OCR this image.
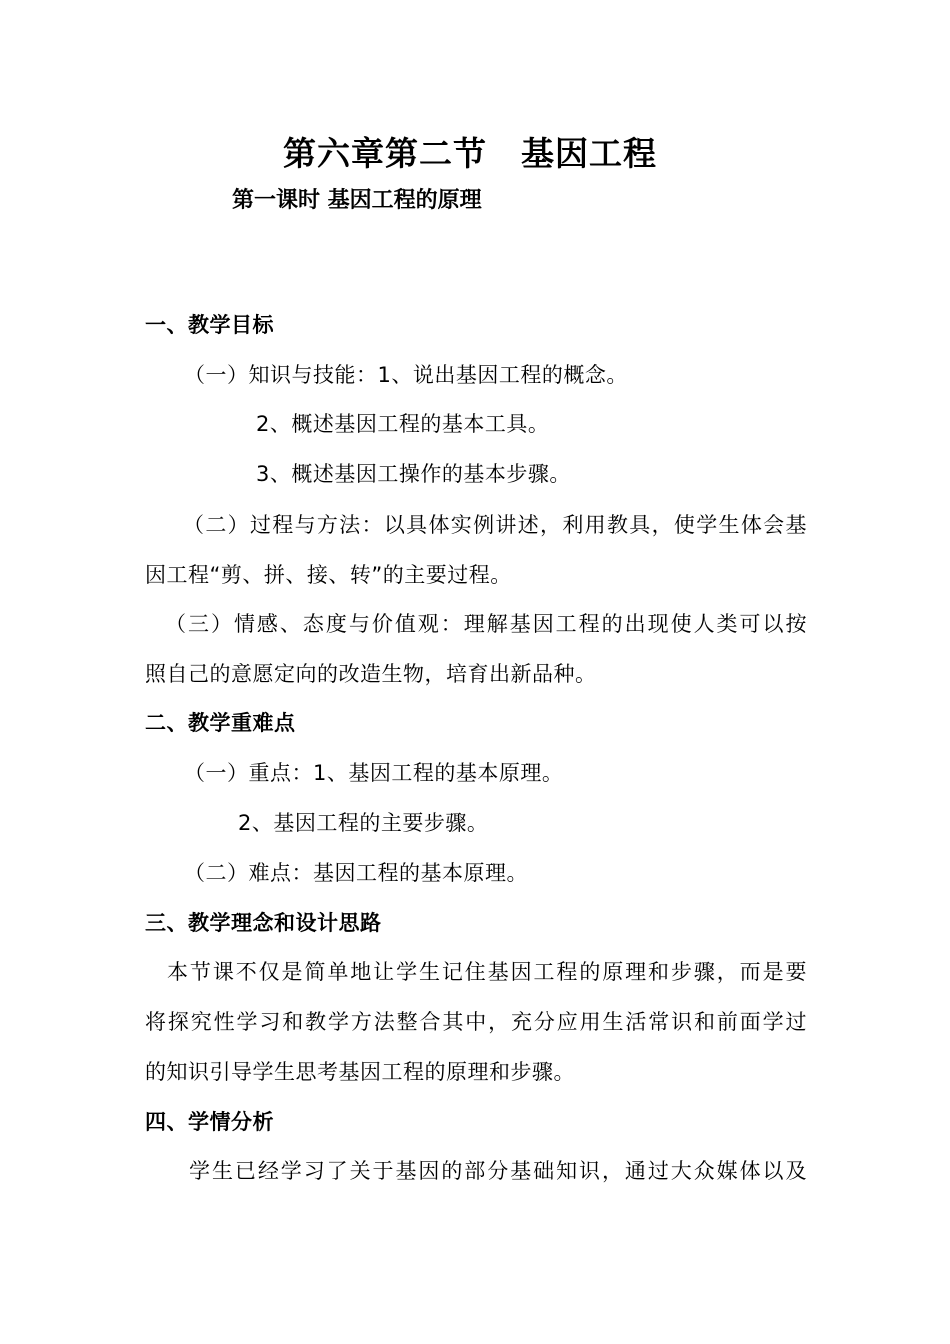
第六章第二节　基因工程
第一课时 基因工程的原理
一、教学目标
（一）知识与技能：1、说出基因工程的概念。
2、概述基因工程的基本工具。
3、概述基因工操作的基本步骤。
（二）过程与方法：以具体实例讲述，利用教具，使学生体会基
因工程“剪、拼、接、转”的主要过程。
（三）情感、态度与价值观：理解基因工程的出现使人类可以按
照自己的意愿定向的改造生物，培育出新品种。
二、教学重难点
（一）重点：1、基因工程的基本原理。
2、基因工程的主要步骤。
（二）难点：基因工程的基本原理。
三、教学理念和设计思路
本节课不仅是简单地让学生记住基因工程的原理和步骤，而是要
将探究性学习和教学方法整合其中，充分应用生活常识和前面学过
的知识引导学生思考基因工程的原理和步骤。
四、学情分析
学生已经学习了关于基因的部分基础知识，通过大众媒体以及
